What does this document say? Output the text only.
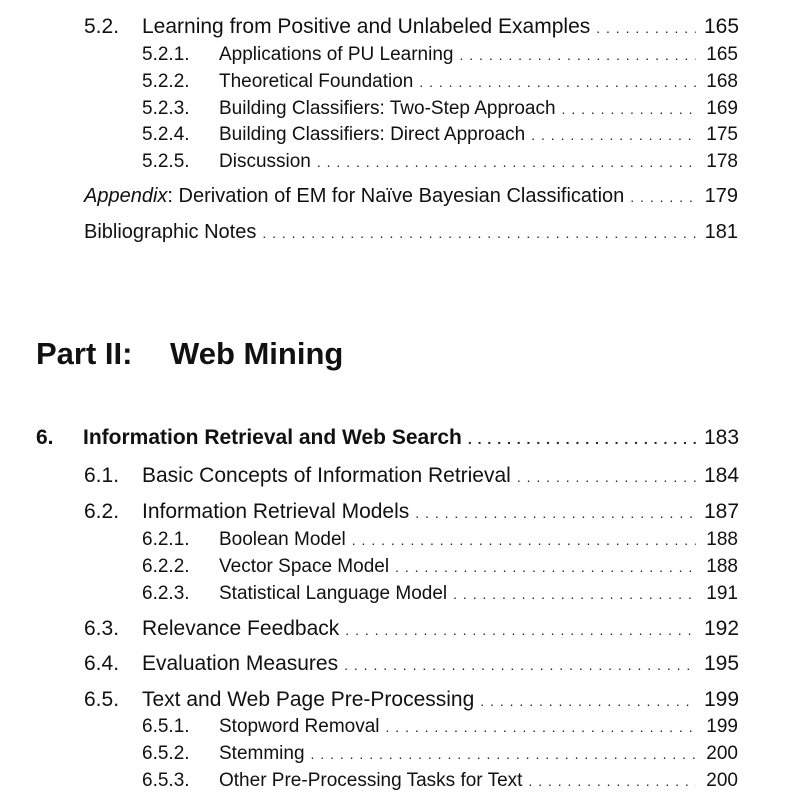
5.2.	Learning from Positive and Unlabeled Examples . . .	165
5.2.1.	Applications of PU Learning . . .	165
5.2.2.	Theoretical Foundation . . .	168
5.2.3.	Building Classifiers: Two-Step Approach . . .	169
5.2.4.	Building Classifiers: Direct Approach . . .	175
5.2.5.	Discussion . . .	178
Appendix: Derivation of EM for Naïve Bayesian Classification . . .	179
Bibliographic Notes . . .	181
Part II:	Web Mining
6.	Information Retrieval and Web Search . . .	183
6.1.	Basic Concepts of Information Retrieval . . .	184
6.2.	Information Retrieval Models . . .	187
6.2.1.	Boolean Model . . .	188
6.2.2.	Vector Space Model . . .	188
6.2.3.	Statistical Language Model . . .	191
6.3.	Relevance Feedback . . .	192
6.4.	Evaluation Measures . . .	195
6.5.	Text and Web Page Pre-Processing . . .	199
6.5.1.	Stopword Removal . . .	199
6.5.2.	Stemming . . .	200
6.5.3.	Other Pre-Processing Tasks for Text . . .	200
